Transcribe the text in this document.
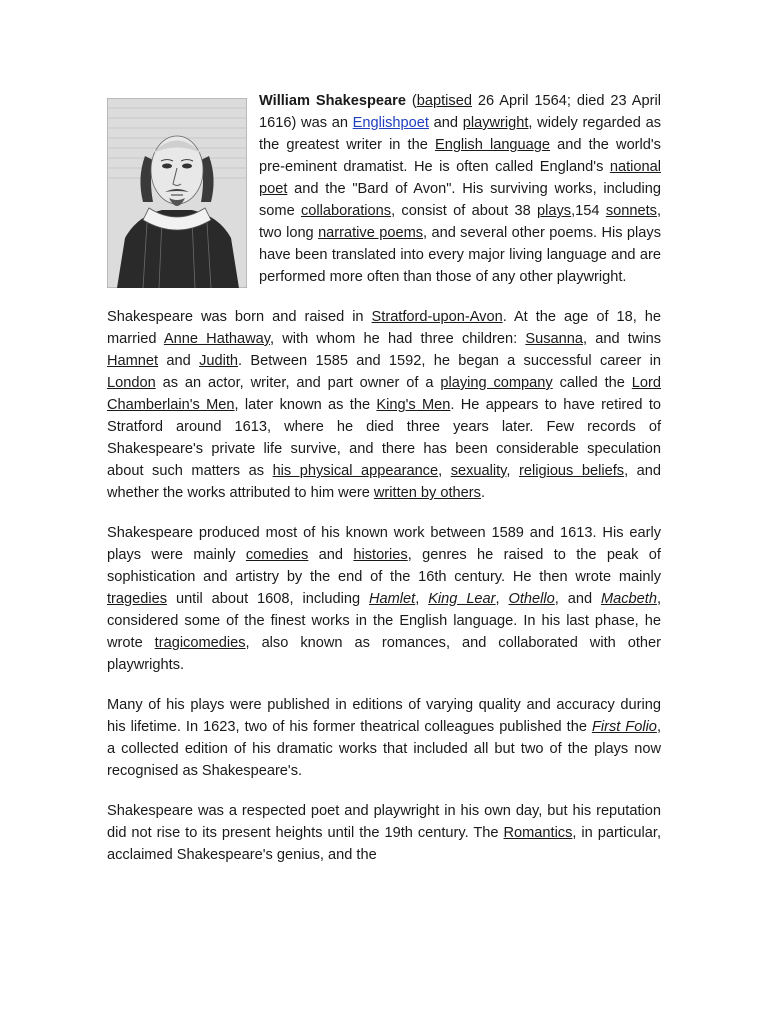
William Shakespeare (baptised 26 April 1564; died 23 April 1616) was an Englishpoet and playwright, widely regarded as the greatest writer in the English language and the world's pre-eminent dramatist. He is often called England's national poet and the "Bard of Avon". His surviving works, including some collaborations, consist of about 38 plays,154 sonnets, two long narrative poems, and several other poems. His plays have been translated into every major living language and are performed more often than those of any other playwright.

Shakespeare was born and raised in Stratford-upon-Avon. At the age of 18, he married Anne Hathaway, with whom he had three children: Susanna, and twins Hamnet and Judith. Between 1585 and 1592, he began a successful career in London as an actor, writer, and part owner of a playing company called the Lord Chamberlain's Men, later known as the King's Men. He appears to have retired to Stratford around 1613, where he died three years later. Few records of Shakespeare's private life survive, and there has been considerable speculation about such matters as his physical appearance, sexuality, religious beliefs, and whether the works attributed to him were written by others.

Shakespeare produced most of his known work between 1589 and 1613. His early plays were mainly comedies and histories, genres he raised to the peak of sophistication and artistry by the end of the 16th century. He then wrote mainly tragedies until about 1608, including Hamlet, King Lear, Othello, and Macbeth, considered some of the finest works in the English language. In his last phase, he wrote tragicomedies, also known as romances, and collaborated with other playwrights.

Many of his plays were published in editions of varying quality and accuracy during his lifetime. In 1623, two of his former theatrical colleagues published the First Folio, a collected edition of his dramatic works that included all but two of the plays now recognised as Shakespeare's.

Shakespeare was a respected poet and playwright in his own day, but his reputation did not rise to its present heights until the 19th century. The Romantics, in particular, acclaimed Shakespeare's genius, and the
